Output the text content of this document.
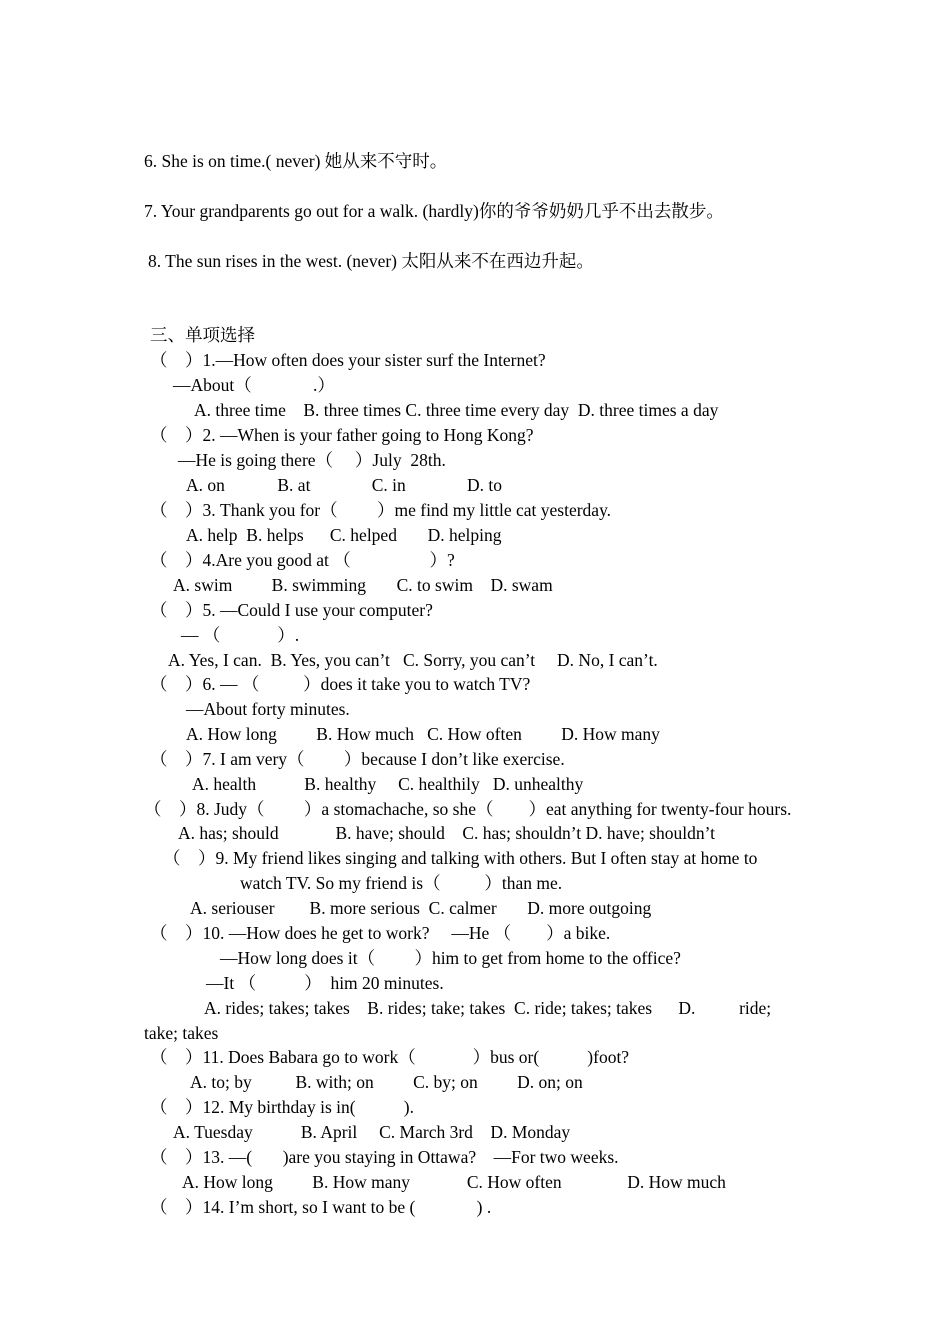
6. She is on time.( never) 她从来不守时。
7. Your grandparents go out for a walk. (hardly)你的爷爷奶奶几乎不出去散步。
8. The sun rises in the west. (never) 太阳从来不在西边升起。
三、单项选择
（    ）1.—How often does your sister surf the Internet?
—About（              .）
A. three time    B. three times C. three time every day  D. three times a day
（    ）2. —When is your father going to Hong Kong?
—He is going there（     ）July  28th.
A. on            B. at              C. in              D. to
（    ）3. Thank you for（         ）me find my little cat yesterday.
A. help  B. helps      C. helped       D. helping
（    ）4.Are you good at （                  ）?
A. swim         B. swimming       C. to swim    D. swam
（    ）5. —Could I use your computer?
— （             ）.
A. Yes, I can.  B. Yes, you can’t   C. Sorry, you can’t     D. No, I can’t.
（    ）6. — （          ）does it take you to watch TV?
—About forty minutes.
A. How long         B. How much   C. How often         D. How many
（    ）7. I am very（         ）because I don’t like exercise.
A. health           B. healthy     C. healthily   D. unhealthy
（    ）8. Judy（         ）a stomachache, so she（        ）eat anything for twenty-four hours.
A. has; should             B. have; should    C. has; shouldn’t D. have; shouldn’t
（    ）9. My friend likes singing and talking with others. But I often stay at home to
watch TV. So my friend is（          ）than me.
A. seriouser        B. more serious  C. calmer       D. more outgoing
（    ）10. —How does he get to work?     —He （        ）a bike.
—How long does it（         ）him to get from home to the office?
—It （           ）  him 20 minutes.
A. rides; takes; takes    B. rides; take; takes  C. ride; takes; takes      D.          ride;
take; takes
（    ）11. Does Babara go to work（             ）bus or(           )foot?
A. to; by          B. with; on         C. by; on         D. on; on
（    ）12. My birthday is in(           ).
A. Tuesday           B. April     C. March 3rd    D. Monday
（    ）13. —(       )are you staying in Ottawa?    —For two weeks.
A. How long         B. How many             C. How often               D. How much
（    ）14. I’m short, so I want to be (              ) .
